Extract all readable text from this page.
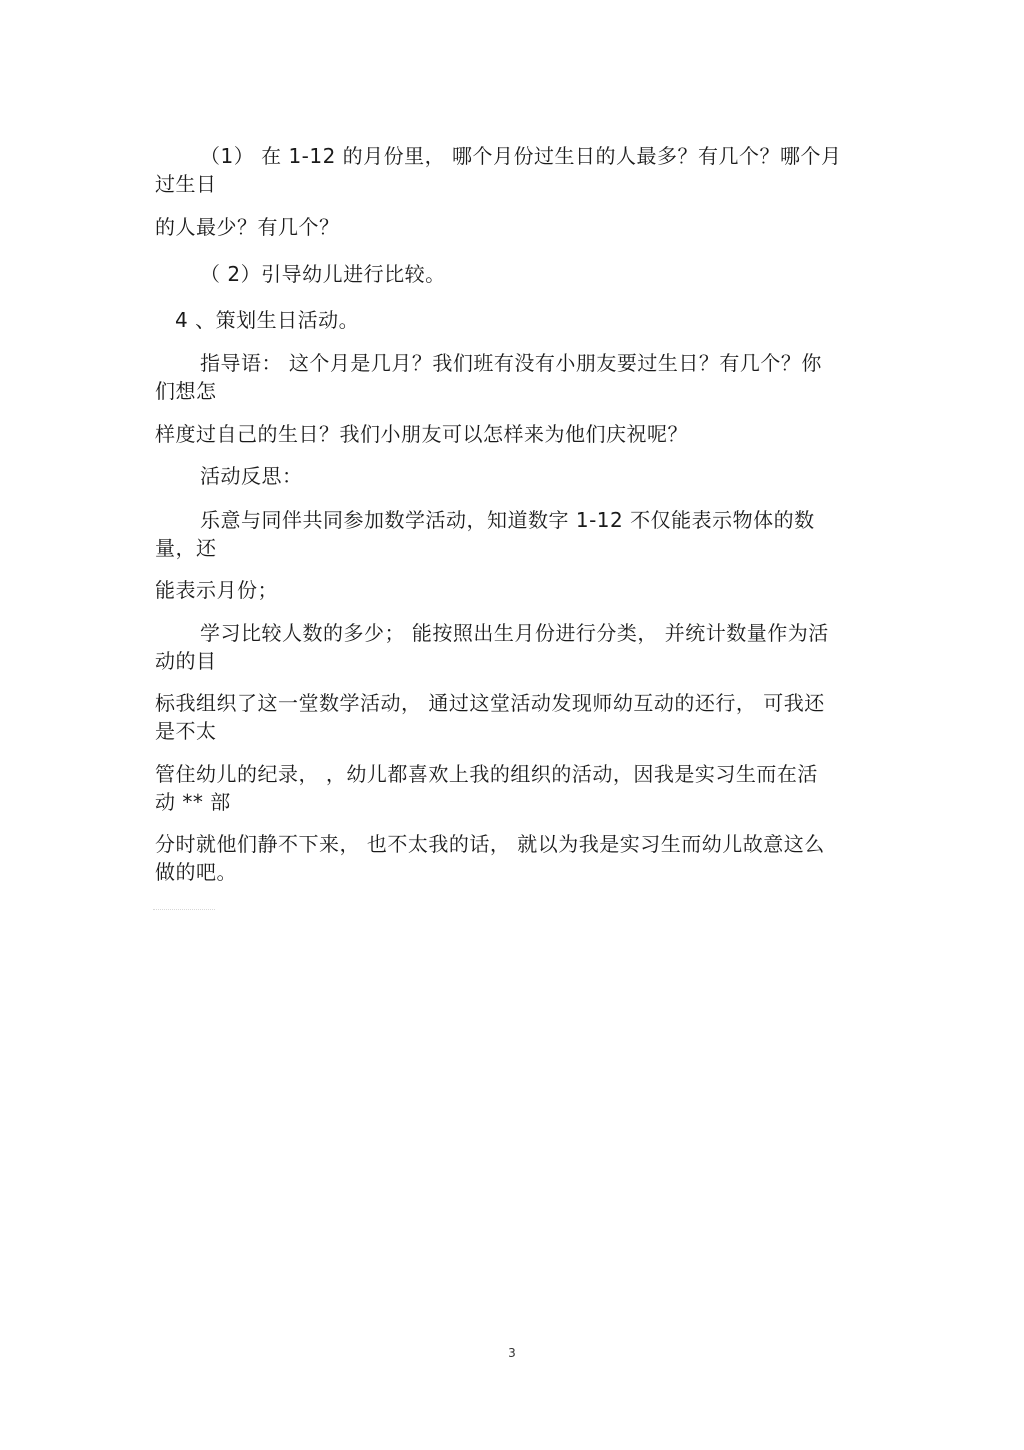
（1） 在 1-12 的月份里， 哪个月份过生日的人最多？有几个？哪个月
过生日
的人最少？有几个？
（ 2）引导幼儿进行比较。
4 、策划生日活动。
指导语： 这个月是几月？我们班有没有小朋友要过生日？有几个？你
们想怎
样度过自己的生日？我们小朋友可以怎样来为他们庆祝呢？
活动反思：
乐意与同伴共同参加数学活动，知道数字 1-12 不仅能表示物体的数
量，还
能表示月份；
学习比较人数的多少； 能按照出生月份进行分类， 并统计数量作为活
动的目
标我组织了这一堂数学活动， 通过这堂活动发现师幼互动的还行， 可我还
是不太
管住幼儿的纪录， ，幼儿都喜欢上我的组织的活动，因我是实习生而在活
动 ** 部
分时就他们静不下来， 也不太我的话， 就以为我是实习生而幼儿故意这么
做的吧。
3
